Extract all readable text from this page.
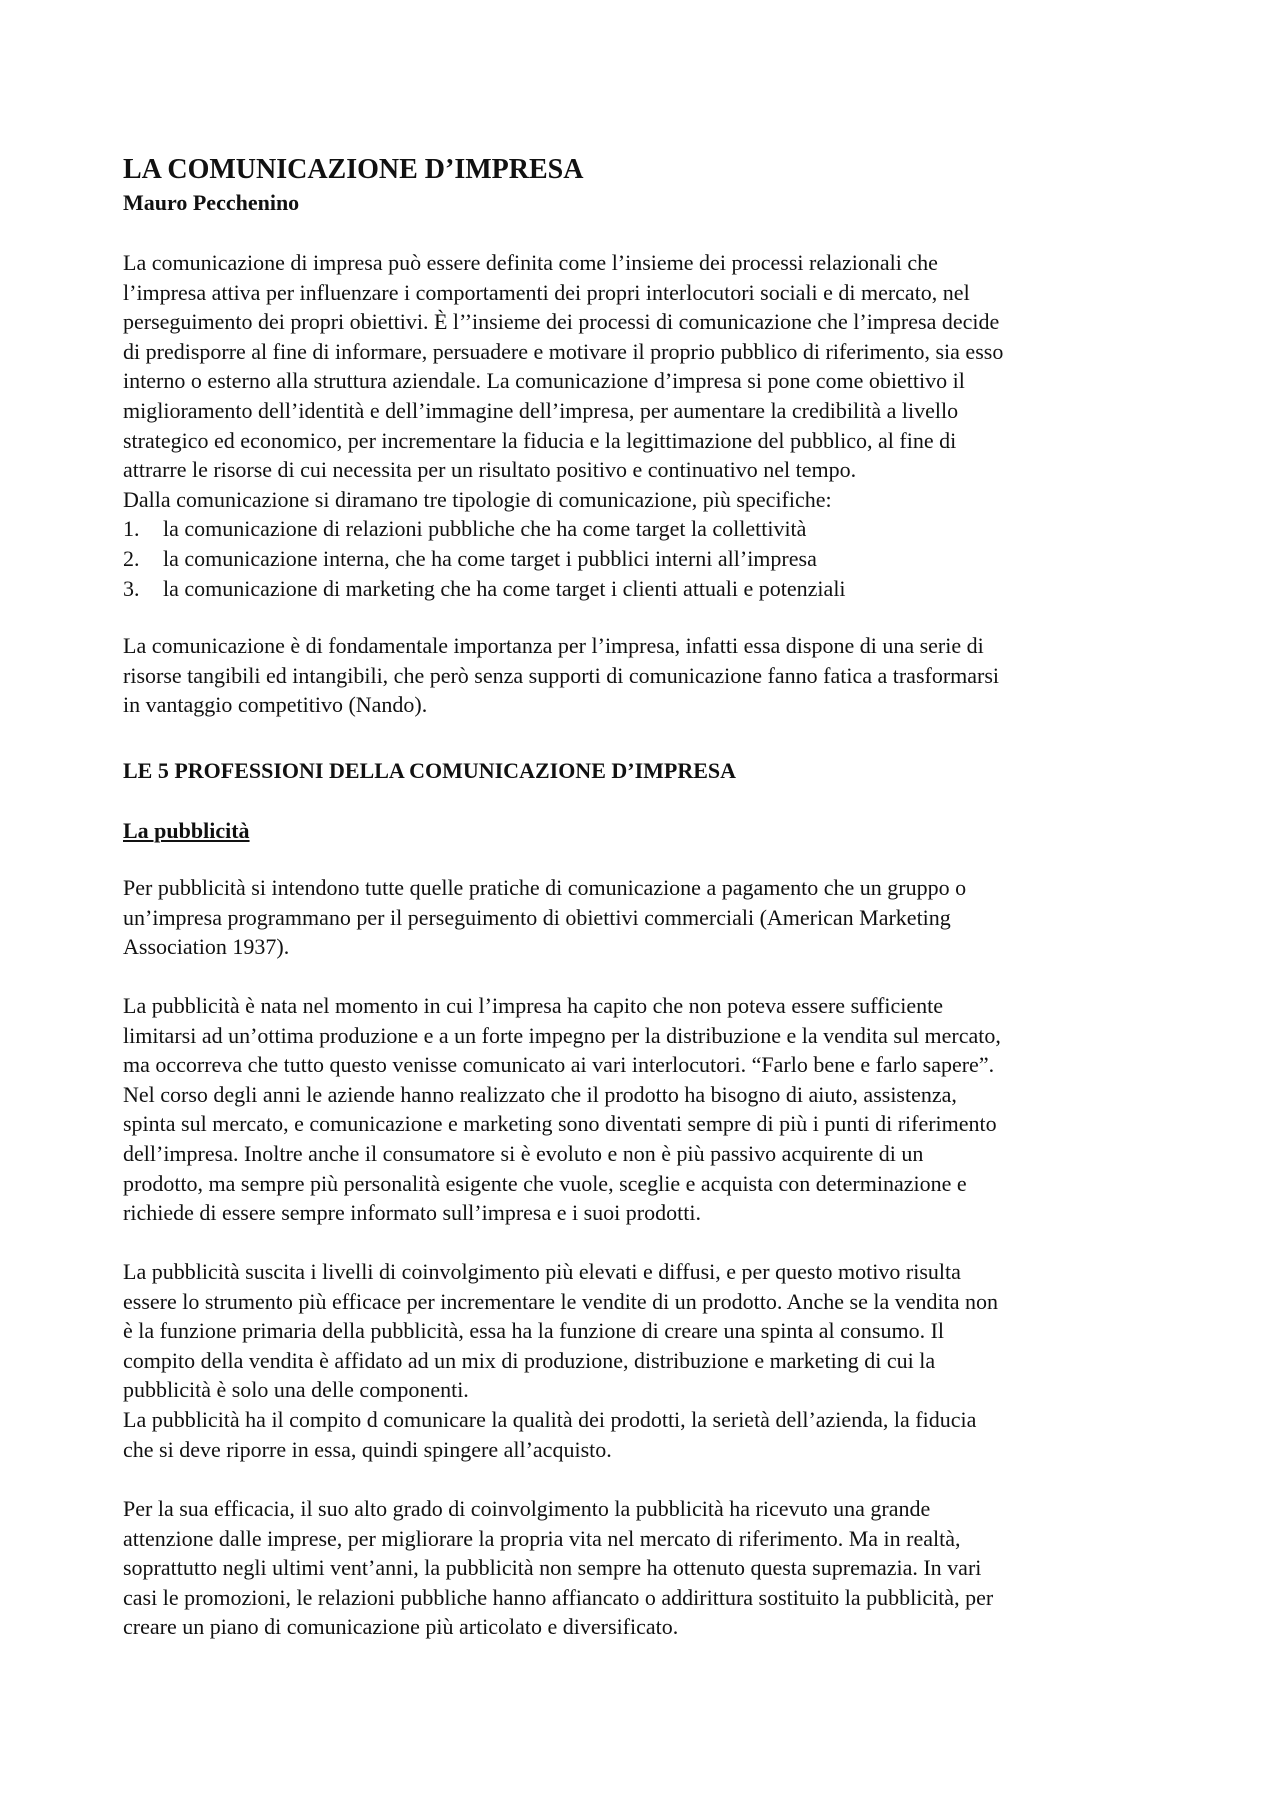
LA COMUNICAZIONE D’IMPRESA
Mauro Pecchenino
La comunicazione di impresa può essere definita come l’insieme dei processi relazionali che
l’impresa attiva per influenzare i comportamenti dei propri interlocutori sociali e di mercato, nel
perseguimento dei propri obiettivi. È l’’insieme dei processi di comunicazione che l’impresa decide
di predisporre al fine di informare, persuadere e motivare il proprio pubblico di riferimento, sia esso
interno o esterno alla struttura aziendale. La comunicazione d’impresa si pone come obiettivo il
miglioramento dell’identità e dell’immagine dell’impresa, per aumentare la credibilità a livello
strategico ed economico, per incrementare la fiducia e la legittimazione del pubblico, al fine di
attrarre le risorse di cui necessita per un risultato positivo e continuativo nel tempo.
Dalla comunicazione si diramano tre tipologie di comunicazione, più specifiche:
1. la comunicazione di relazioni pubbliche che ha come target la collettività
2. la comunicazione interna, che ha come target i pubblici interni all’impresa
3. la comunicazione di marketing che ha come target i clienti attuali e potenziali
La comunicazione è di fondamentale importanza per l’impresa, infatti essa dispone di una serie di
risorse tangibili ed intangibili, che però senza supporti di comunicazione fanno fatica a trasformarsi
in vantaggio competitivo (Nando).
LE 5 PROFESSIONI DELLA COMUNICAZIONE D’IMPRESA
La pubblicità
Per pubblicità si intendono tutte quelle pratiche di comunicazione a pagamento che un gruppo o
un’impresa programmano per il perseguimento di obiettivi commerciali (American Marketing
Association 1937).
La pubblicità è nata nel momento in cui l’impresa ha capito che non poteva essere sufficiente
limitarsi ad un’ottima produzione e a un forte impegno per la distribuzione e la vendita sul mercato,
ma occorreva che tutto questo venisse comunicato ai vari interlocutori. “Farlo bene e farlo sapere”.
Nel corso degli anni le aziende hanno realizzato che il prodotto ha bisogno di aiuto, assistenza,
spinta sul mercato, e comunicazione e marketing sono diventati sempre di più i punti di riferimento
dell’impresa. Inoltre anche il consumatore si è evoluto e non è più passivo acquirente di un
prodotto, ma sempre più personalità esigente che vuole, sceglie e acquista con determinazione e
richiede di essere sempre informato sull’impresa e i suoi prodotti.
La pubblicità suscita i livelli di coinvolgimento più elevati e diffusi, e per questo motivo risulta
essere lo strumento più efficace per incrementare le vendite di un prodotto. Anche se la vendita non
è la funzione primaria della pubblicità, essa ha la funzione di creare una spinta al consumo. Il
compito della vendita è affidato ad un mix di produzione, distribuzione e marketing di cui la
pubblicità è solo una delle componenti.
La pubblicità ha il compito d comunicare la qualità dei prodotti, la serietà dell’azienda, la fiducia
che si deve riporre in essa, quindi spingere all’acquisto.
Per la sua efficacia, il suo alto grado di coinvolgimento la pubblicità ha ricevuto una grande
attenzione dalle imprese, per migliorare la propria vita nel mercato di riferimento. Ma in realtà,
soprattutto negli ultimi vent’anni, la pubblicità non sempre ha ottenuto questa supremazia. In vari
casi le promozioni, le relazioni pubbliche hanno affiancato o addirittura sostituito la pubblicità, per
creare un piano di comunicazione più articolato e diversificato.
